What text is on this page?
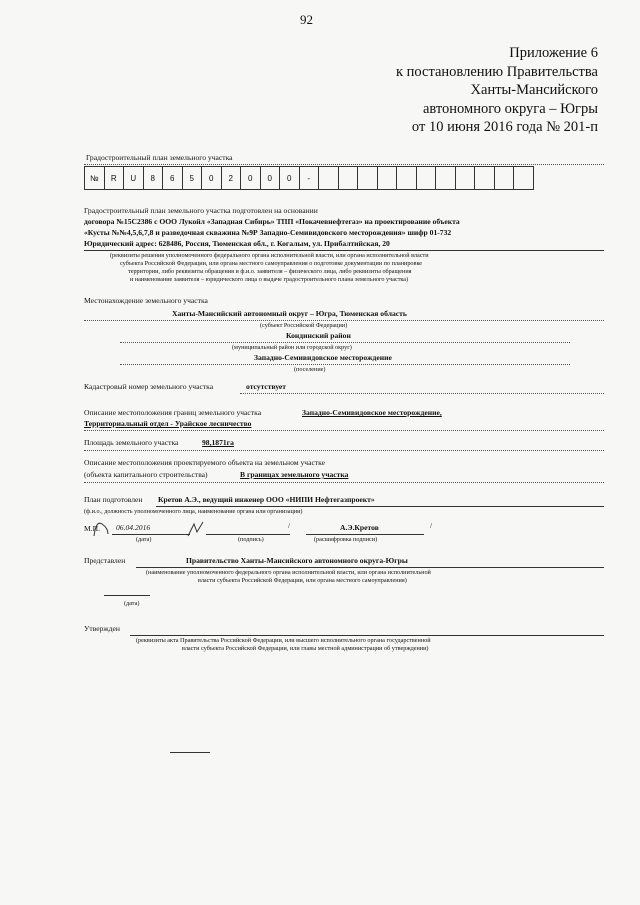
92
Приложение 6
к постановлению Правительства
Ханты-Мансийского
автономного округа – Югры
от 10 июня 2016 года № 201-п
Градостроительный план земельного участка
№	R	U	8	6	5	0	2	0	0	0	-											
Градостроительный план земельного участка подготовлен на основании
договора №15С2386 с ООО Лукойл «Западная Сибирь» ТПП «Покачевнефтегаз» на проектирование объекта
«Кусты №№4,5,6,7,8 и разведочная скважина №9Р Западно-Семивидовского месторождения» шифр 01-732
Юридический адрес: 628486, Россия, Тюменская обл., г. Когалым, ул. Прибалтийская, 20
(реквизиты решения уполномоченного федерального органа исполнительной власти, или органа исполнительной власти
субъекта Российской Федерации, или органа местного самоуправления о подготовке документации по планировке
территории, либо реквизиты обращения и ф.и.о. заявителя – физического лица, либо реквизиты обращения
и наименование заявителя – юридического лица о выдаче градостроительного плана земельного участка)
Местонахождение земельного участка
Ханты-Мансийский автономный округ – Югра, Тюменская область
(субъект Российской Федерации)
Кондинский район
(муниципальный район или городской округ)
Западно-Семивидовское месторождение
(поселение)
Кадастровый номер земельного участка	отсутствует
Описание местоположения границ земельного участка	Западно-Семивидовское месторождение,
Территориальный отдел - Урайское лесничество
Площадь земельного участка	98,1871га
Описание местоположения проектируемого объекта на земельном участке
(объекта капитального строительства)	В границах земельного участка
План подготовлен Кретов А.Э., ведущий инженер ООО «НИПИ Нефтегазпроект»
(ф.и.о., должность уполномоченного лица, наименование органа или организации)
М.П. 06.04.2016
(дата)
/
(подпись)
А.Э.Кретов	/
(расшифровка подписи)
Представлен	Правительство Ханты-Мансийского автономного округа-Югры
(наименование уполномоченного федерального органа исполнительной власти, или органа исполнительной
власти субъекта Российской Федерации, или органа местного самоуправления)
(дата)
Утвержден
(реквизиты акта Правительства Российской Федерации, или высшего исполнительного органа государственной
власти субъекта Российской Федерации, или главы местной администрации об утверждении)
